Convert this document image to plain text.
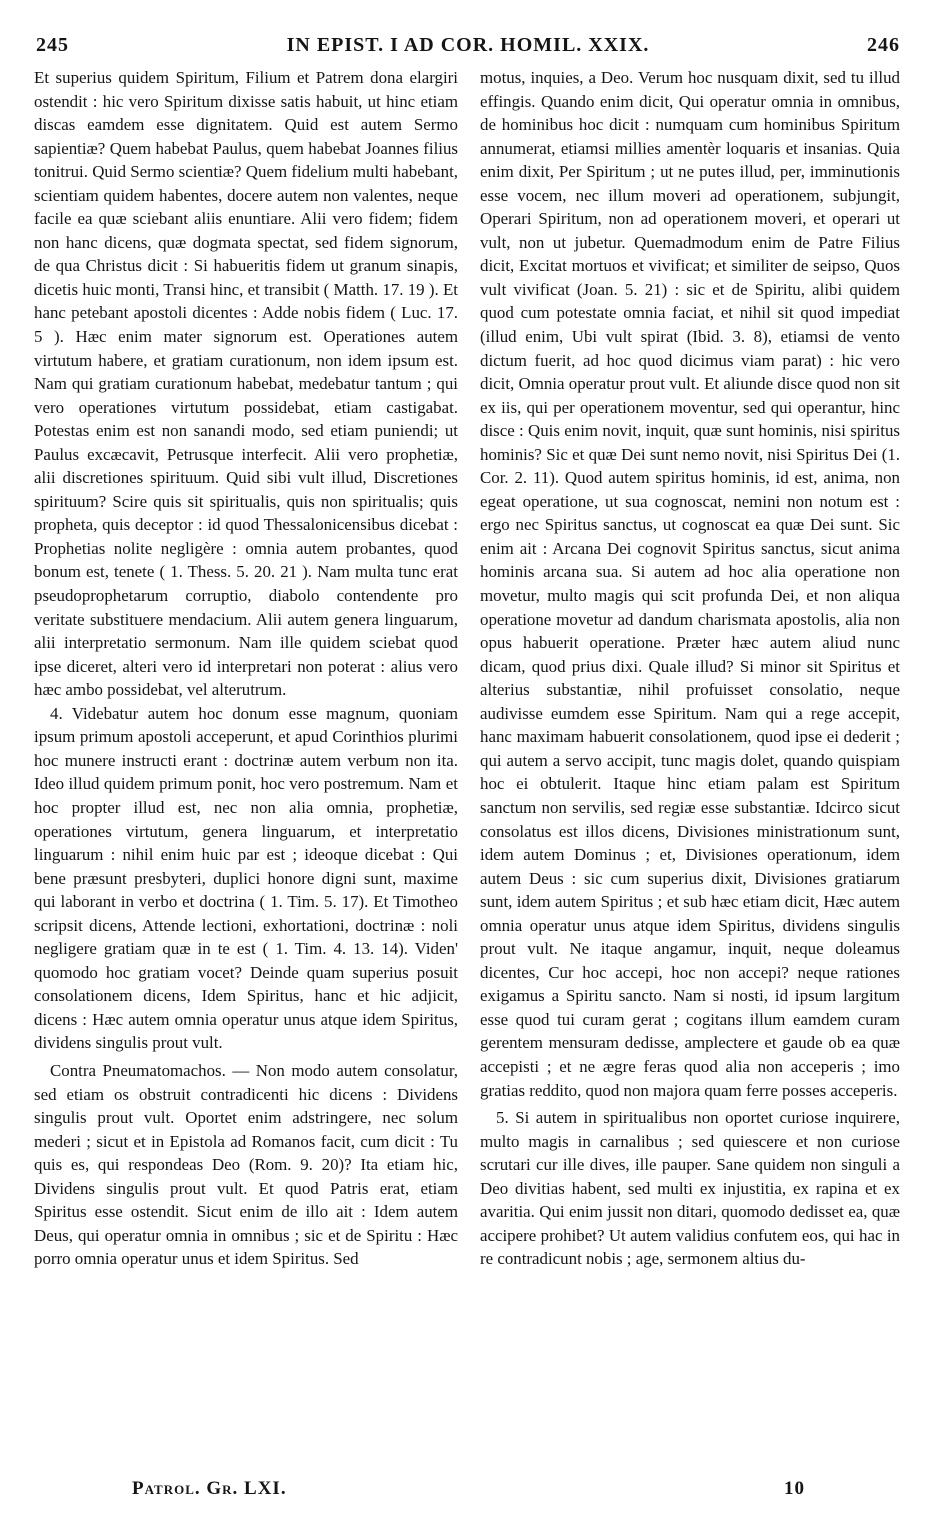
245	IN EPIST. I AD COR. HOMIL. XXIX.	246

Et superius quidem Spiritum, Filium et Patrem dona elargiri ostendit : hic vero Spiritum dixisse satis habuit, ut hinc etiam discas eamdem esse dignitatem. Quid est autem Sermo sapientiæ? Quem habebat Paulus, quem habebat Joannes filius tonitrui. Quid Sermo scientiæ? Quem fidelium multi habebant, scientiam quidem habentes, docere autem non valentes, neque facile ea quæ sciebant aliis enuntiare. Alii vero fidem; fidem non hanc dicens, quæ dogmata spectat, sed fidem signorum, de qua Christus dicit : Si habueritis fidem ut granum sinapis, dicetis huic monti, Transi hinc, et transibit ( Matth. 17. 19 ). Et hanc petebant apostoli dicentes : Adde nobis fidem ( Luc. 17. 5 ). Hæc enim mater signorum est. Operationes autem virtutum habere, et gratiam curationum, non idem ipsum est. Nam qui gratiam curationum habebat, medebatur tantum ; qui vero operationes virtutum possidebat, etiam castigabat. Potestas enim est non sanandi modo, sed etiam puniendi; ut Paulus excæcavit, Petrusque interfecit. Alii vero prophetiæ, alii discretiones spirituum. Quid sibi vult illud, Discretiones spirituum? Scire quis sit spiritualis, quis non spiritualis; quis propheta, quis deceptor : id quod Thessalonicensibus dicebat : Prophetias nolite negligère : omnia autem probantes, quod bonum est, tenete ( 1. Thess. 5. 20. 21 ). Nam multa tunc erat pseudoprophetarum corruptio, diabolo contendente pro veritate substituere mendacium. Alii autem genera linguarum, alii interpretatio sermonum. Nam ille quidem sciebat quod ipse diceret, alteri vero id interpretari non poterat : alius vero hæc ambo possidebat, vel alterutrum.

4. Videbatur autem hoc donum esse magnum, quoniam ipsum primum apostoli acceperunt, et apud Corinthios plurimi hoc munere instructi erant : doctrinæ autem verbum non ita. Ideo illud quidem primum ponit, hoc vero postremum. Nam et hoc propter illud est, nec non alia omnia, prophetiæ, operationes virtutum, genera linguarum, et interpretatio linguarum : nihil enim huic par est ; ideoque dicebat : Qui bene præsunt presbyteri, duplici honore digni sunt, maxime qui laborant in verbo et doctrina ( 1. Tim. 5. 17). Et Timotheo scripsit dicens, Attende lectioni, exhortationi, doctrinæ : noli negligere gratiam quæ in te est ( 1. Tim. 4. 13. 14). Viden' quomodo hoc gratiam vocet? Deinde quam superius posuit consolationem dicens, Idem Spiritus, hanc et hic adjicit, dicens : Hæc autem omnia operatur unus atque idem Spiritus, dividens singulis prout vult.

Contra Pneumatomachos. — Non modo autem consolatur, sed etiam os obstruit contradicenti hic dicens : Dividens singulis prout vult. Oportet enim adstringere, nec solum mederi ; sicut et in Epistola ad Romanos facit, cum dicit : Tu quis es, qui respondeas Deo (Rom. 9. 20)? Ita etiam hic, Dividens singulis prout vult. Et quod Patris erat, etiam Spiritus esse ostendit. Sicut enim de illo ait : Idem autem Deus, qui operatur omnia in omnibus ; sic et de Spiritu : Hæc porro omnia operatur unus et idem Spiritus. Sed

motus, inquies, a Deo. Verum hoc nusquam dixit, sed tu illud effingis. Quando enim dicit, Qui operatur omnia in omnibus, de hominibus hoc dicit : numquam cum hominibus Spiritum annumerat, etiamsi millies amentèr loquaris et insanias. Quia enim dixit, Per Spiritum ; ut ne putes illud, per, imminutionis esse vocem, nec illum moveri ad operationem, subjungit, Operari Spiritum, non ad operationem moveri, et operari ut vult, non ut jubetur. Quemadmodum enim de Patre Filius dicit, Excitat mortuos et vivificat; et similiter de seipso, Quos vult vivificat (Joan. 5. 21) : sic et de Spiritu, alibi quidem quod cum potestate omnia faciat, et nihil sit quod impediat (illud enim, Ubi vult spirat (Ibid. 3. 8), etiamsi de vento dictum fuerit, ad hoc quod dicimus viam parat) : hic vero dicit, Omnia operatur prout vult. Et aliunde disce quod non sit ex iis, qui per operationem moventur, sed qui operantur, hinc disce : Quis enim novit, inquit, quæ sunt hominis, nisi spiritus hominis? Sic et quæ Dei sunt nemo novit, nisi Spiritus Dei (1. Cor. 2. 11). Quod autem spiritus hominis, id est, anima, non egeat operatione, ut sua cognoscat, nemini non notum est : ergo nec Spiritus sanctus, ut cognoscat ea quæ Dei sunt. Sic enim ait : Arcana Dei cognovit Spiritus sanctus, sicut anima hominis arcana sua. Si autem ad hoc alia operatione non movetur, multo magis qui scit profunda Dei, et non aliqua operatione movetur ad dandum charismata apostolis, alia non opus habuerit operatione. Præter hæc autem aliud nunc dicam, quod prius dixi. Quale illud? Si minor sit Spiritus et alterius substantiæ, nihil profuisset consolatio, neque audivisse eumdem esse Spiritum. Nam qui a rege accepit, hanc maximam habuerit consolationem, quod ipse ei dederit ; qui autem a servo accipit, tunc magis dolet, quando quispiam hoc ei obtulerit. Itaque hinc etiam palam est Spiritum sanctum non servilis, sed regiæ esse substantiæ. Idcirco sicut consolatus est illos dicens, Divisiones ministrationum sunt, idem autem Dominus ; et, Divisiones operationum, idem autem Deus : sic cum superius dixit, Divisiones gratiarum sunt, idem autem Spiritus ; et sub hæc etiam dicit, Hæc autem omnia operatur unus atque idem Spiritus, dividens singulis prout vult. Ne itaque angamur, inquit, neque doleamus dicentes, Cur hoc accepi, hoc non accepi? neque rationes exigamus a Spiritu sancto. Nam si nosti, id ipsum largitum esse quod tui curam gerat ; cogitans illum eamdem curam gerentem mensuram dedisse, amplectere et gaude ob ea quæ accepisti ; et ne ægre feras quod alia non acceperis ; imo gratias reddito, quod non majora quam ferre posses acceperis.

5. Si autem in spiritualibus non oportet curiose inquirere, multo magis in carnalibus ; sed quiescere et non curiose scrutari cur ille dives, ille pauper. Sane quidem non singuli a Deo divitias habent, sed multi ex injustitia, ex rapina et ex avaritia. Qui enim jussit non ditari, quomodo dedisset ea, quæ accipere prohibet? Ut autem validius confutem eos, qui hac in re contradicunt nobis ; age, sermonem altius du-

Patrol. Gr. LXI.	10
